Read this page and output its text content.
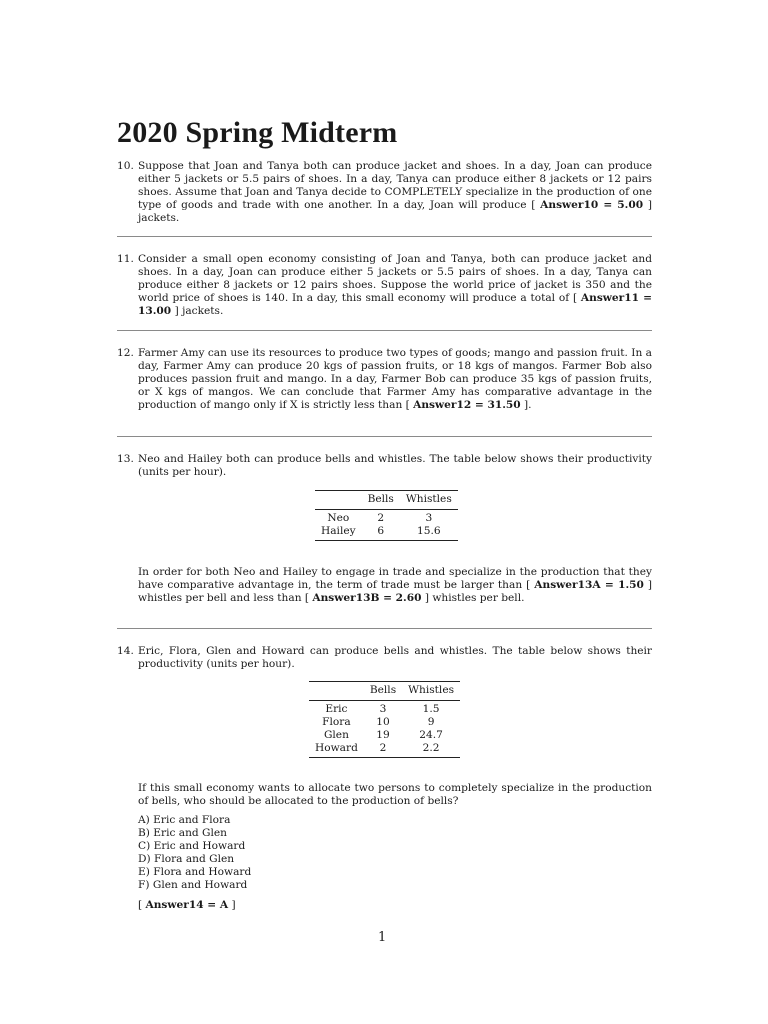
2020 Spring Midterm
10. Suppose that Joan and Tanya both can produce jacket and shoes. In a day, Joan can produce either 5 jackets or 5.5 pairs of shoes. In a day, Tanya can produce either 8 jackets or 12 pairs shoes. Assume that Joan and Tanya decide to COMPLETELY specialize in the production of one type of goods and trade with one another. In a day, Joan will produce [ Answer10 = 5.00 ] jackets.

11. Consider a small open economy consisting of Joan and Tanya, both can produce jacket and shoes. In a day, Joan can produce either 5 jackets or 5.5 pairs of shoes. In a day, Tanya can produce either 8 jackets or 12 pairs shoes. Suppose the world price of jacket is 350 and the world price of shoes is 140. In a day, this small economy will produce a total of [ Answer11 = 13.00 ] jackets.

12. Farmer Amy can use its resources to produce two types of goods; mango and passion fruit. In a day, Farmer Amy can produce 20 kgs of passion fruits, or 18 kgs of mangos. Farmer Bob also produces passion fruit and mango. In a day, Farmer Bob can produce 35 kgs of passion fruits, or X kgs of mangos. We can conclude that Farmer Amy has comparative advantage in the production of mango only if X is strictly less than [ Answer12 = 31.50 ].

13. Neo and Hailey both can produce bells and whistles. The table below shows their productivity (units per hour).

	Bells	Whistles
Neo	2	3
Hailey	6	15.6

In order for both Neo and Hailey to engage in trade and specialize in the production that they have comparative advantage in, the term of trade must be larger than [ Answer13A = 1.50 ] whistles per bell and less than [ Answer13B = 2.60 ] whistles per bell.

14. Eric, Flora, Glen and Howard can produce bells and whistles. The table below shows their productivity (units per hour).

	Bells	Whistles
Eric	3	1.5
Flora	10	9
Glen	19	24.7
Howard	2	2.2

If this small economy wants to allocate two persons to completely specialize in the production of bells, who should be allocated to the production of bells?

A) Eric and Flora
B) Eric and Glen
C) Eric and Howard
D) Flora and Glen
E) Flora and Howard
F) Glen and Howard

[ Answer14 = A ]

1
